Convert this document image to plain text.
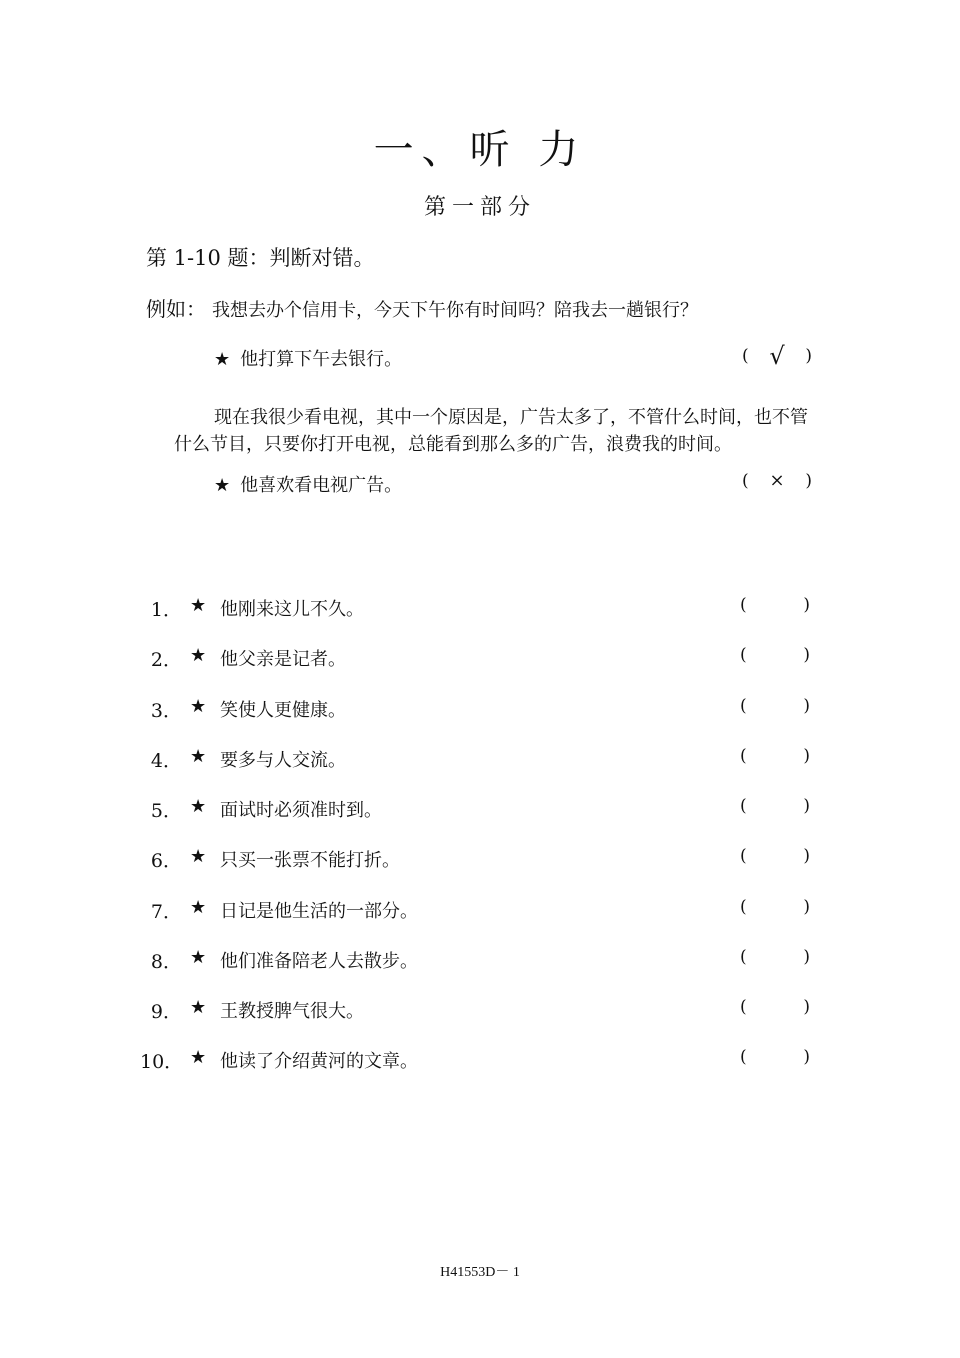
一、听 力
第一部分
第 1-10 题：判断对错。
例如： 我想去办个信用卡，今天下午你有时间吗？陪我去一趟银行？
★ 他打算下午去银行。	( √ )
现在我很少看电视，其中一个原因是，广告太多了，不管什么时间，也不管什么节目，只要你打开电视，总能看到那么多的广告，浪费我的时间。
★ 他喜欢看电视广告。	( × )
1． ★ 他刚来这儿不久。	(	)
2． ★ 他父亲是记者。	(	)
3． ★ 笑使人更健康。	(	)
4． ★ 要多与人交流。	(	)
5． ★ 面试时必须准时到。	(	)
6． ★ 只买一张票不能打折。	(	)
7． ★ 日记是他生活的一部分。	(	)
8． ★ 他们准备陪老人去散步。	(	)
9． ★ 王教授脾气很大。	(	)
10． ★ 他读了介绍黄河的文章。	(	)
H41553D－ 1
